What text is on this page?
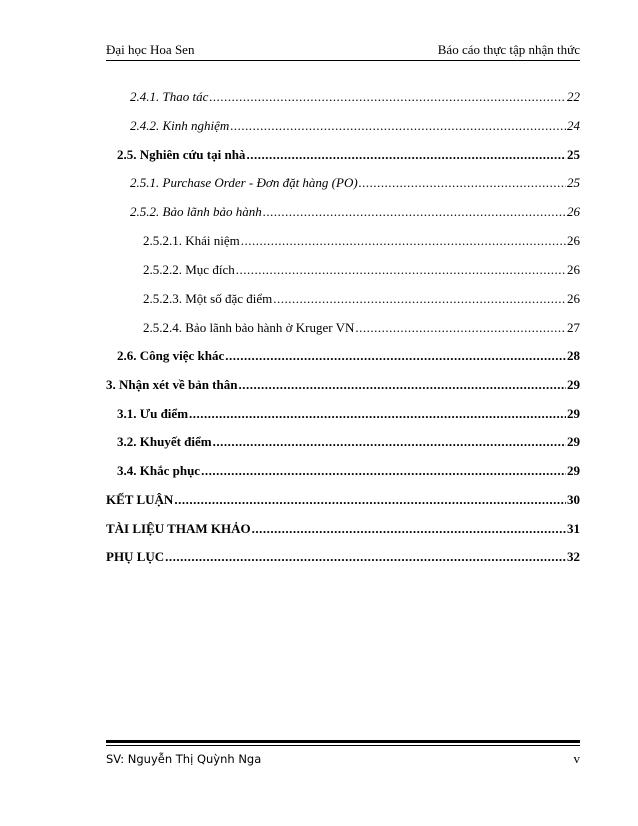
Đại học Hoa Sen	Báo cáo thực tập nhận thức
2.4.1. Thao tác .....	22
2.4.2. Kinh nghiệm .....	24
2.5. Nghiên cứu tại nhà .....	25
2.5.1. Purchase Order - Đơn đặt hàng (PO) .....	25
2.5.2. Bảo lãnh bảo hành .....	26
2.5.2.1. Khái niệm .....	26
2.5.2.2. Mục đích .....	26
2.5.2.3. Một số đặc điểm .....	26
2.5.2.4. Bảo lãnh bảo hành ở Kruger VN .....	27
2.6. Công việc khác .....	28
3. Nhận xét về bản thân .....	29
3.1. Ưu điểm .....	29
3.2. Khuyết điểm .....	29
3.4. Khắc phục .....	29
KẾT LUẬN .....	30
TÀI LIỆU THAM KHẢO .....	31
PHỤ LỤC .....	32
SV: Nguyễn Thị Quỳnh Nga	v
